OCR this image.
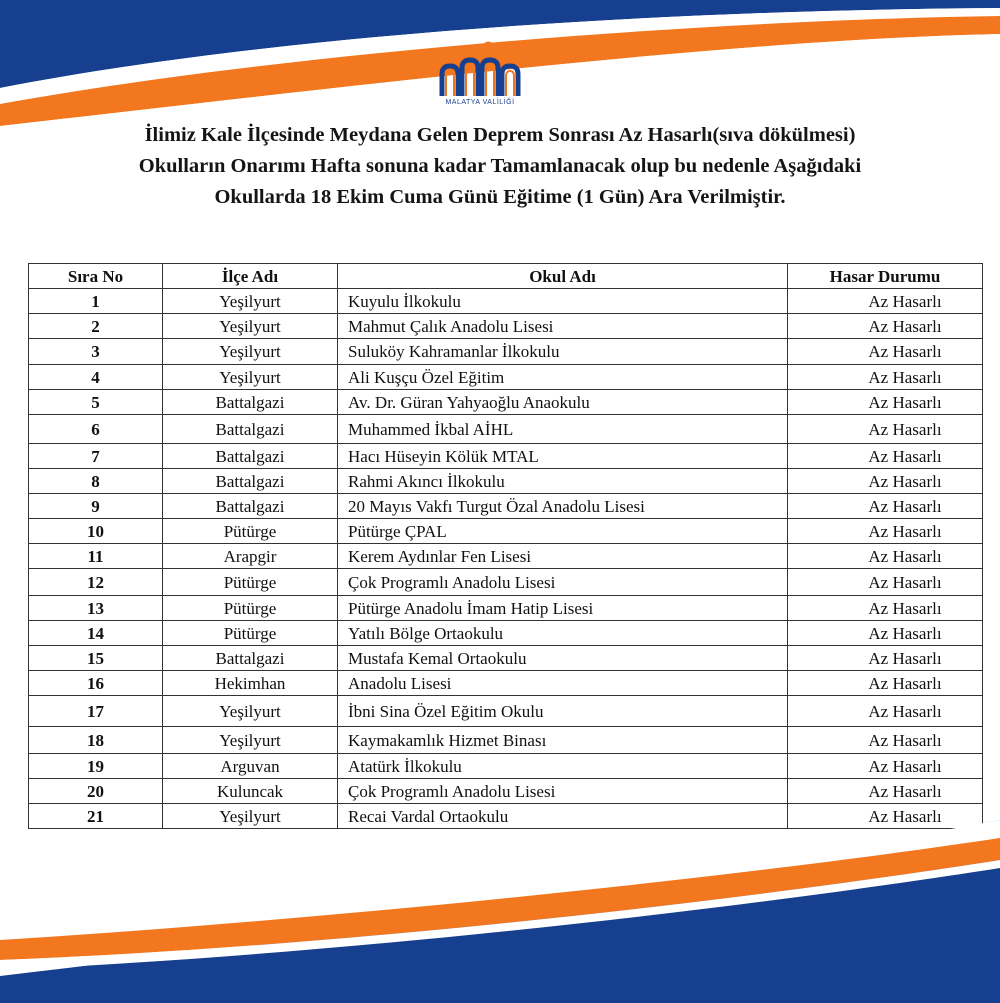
MALATYA VALİLİĞİ
İlimiz Kale İlçesinde Meydana Gelen Deprem Sonrası Az Hasarlı(sıva dökülmesi)
Okulların Onarımı Hafta sonuna kadar Tamamlanacak olup bu nedenle Aşağıdaki
Okullarda 18 Ekim Cuma Günü Eğitime (1 Gün) Ara Verilmiştir.
Sıra No	İlçe Adı	Okul Adı	Hasar Durumu
1	Yeşilyurt	Kuyulu İlkokulu	Az Hasarlı
2	Yeşilyurt	Mahmut Çalık Anadolu Lisesi	Az Hasarlı
3	Yeşilyurt	Suluköy Kahramanlar İlkokulu	Az Hasarlı
4	Yeşilyurt	Ali Kuşçu Özel Eğitim	Az Hasarlı
5	Battalgazi	Av. Dr. Güran Yahyaoğlu Anaokulu	Az Hasarlı
6	Battalgazi	Muhammed İkbal AİHL	Az Hasarlı
7	Battalgazi	Hacı Hüseyin Kölük MTAL	Az Hasarlı
8	Battalgazi	Rahmi Akıncı İlkokulu	Az Hasarlı
9	Battalgazi	20 Mayıs Vakfı Turgut Özal Anadolu Lisesi	Az Hasarlı
10	Pütürge	Pütürge ÇPAL	Az Hasarlı
11	Arapgir	Kerem Aydınlar Fen Lisesi	Az Hasarlı
12	Pütürge	Çok Programlı Anadolu Lisesi	Az Hasarlı
13	Pütürge	Pütürge Anadolu İmam Hatip Lisesi	Az Hasarlı
14	Pütürge	Yatılı Bölge Ortaokulu	Az Hasarlı
15	Battalgazi	Mustafa Kemal Ortaokulu	Az Hasarlı
16	Hekimhan	Anadolu Lisesi	Az Hasarlı
17	Yeşilyurt	İbni Sina Özel Eğitim Okulu	Az Hasarlı
18	Yeşilyurt	Kaymakamlık Hizmet Binası	Az Hasarlı
19	Arguvan	Atatürk İlkokulu	Az Hasarlı
20	Kuluncak	Çok Programlı Anadolu Lisesi	Az Hasarlı
21	Yeşilyurt	Recai Vardal Ortaokulu	Az Hasarlı
